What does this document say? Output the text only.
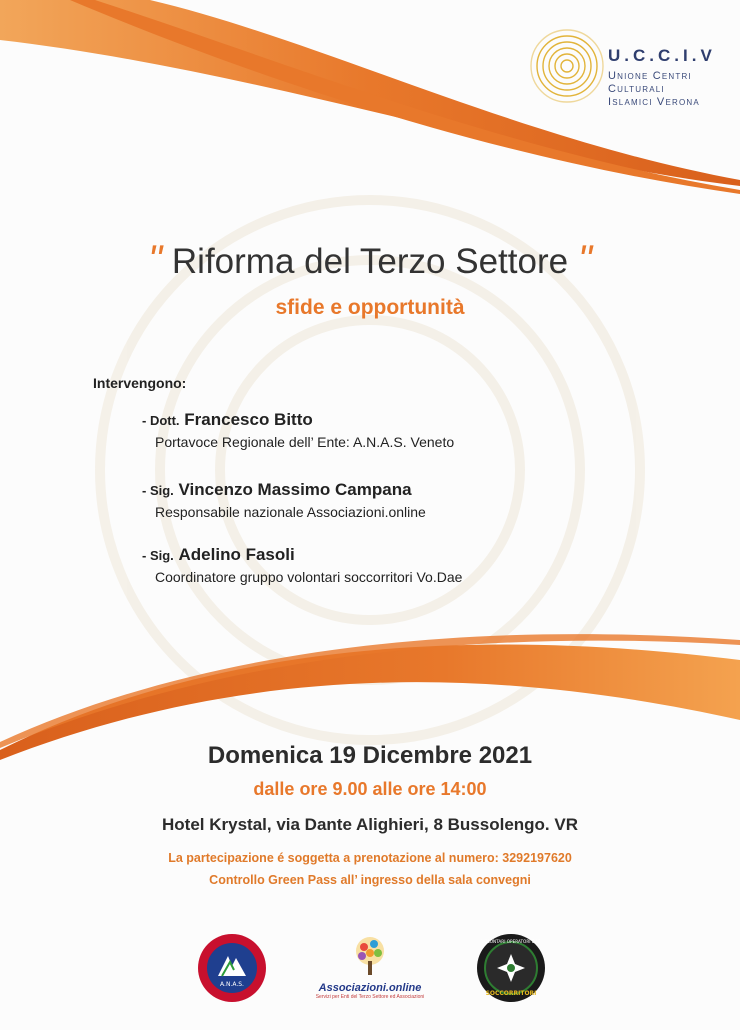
U.C.C.I.V
Unione Centri
Culturali
Islamici Verona
" Riforma del Terzo Settore "
sfide e opportunità
Intervengono:
- Dott. Francesco Bitto
Portavoce Regionale dell’ Ente: A.N.A.S. Veneto
- Sig. Vincenzo Massimo Campana
Responsabile nazionale Associazioni.online
- Sig. Adelino Fasoli
Coordinatore gruppo volontari soccorritori Vo.Dae
Domenica 19 Dicembre 2021
dalle ore 9.00 alle ore 14:00
Hotel Krystal, via Dante Alighieri, 8 Bussolengo. VR
La partecipazione é soggetta a prenotazione al numero: 3292197620
Controllo Green Pass all’ ingresso della sala convegni
A.N.A.S.	Associazioni.online
Servizi per Enti del Terzo Settore ed Associazioni
VOLONTARI OPERATORI DAE
SOCCORRITORI
